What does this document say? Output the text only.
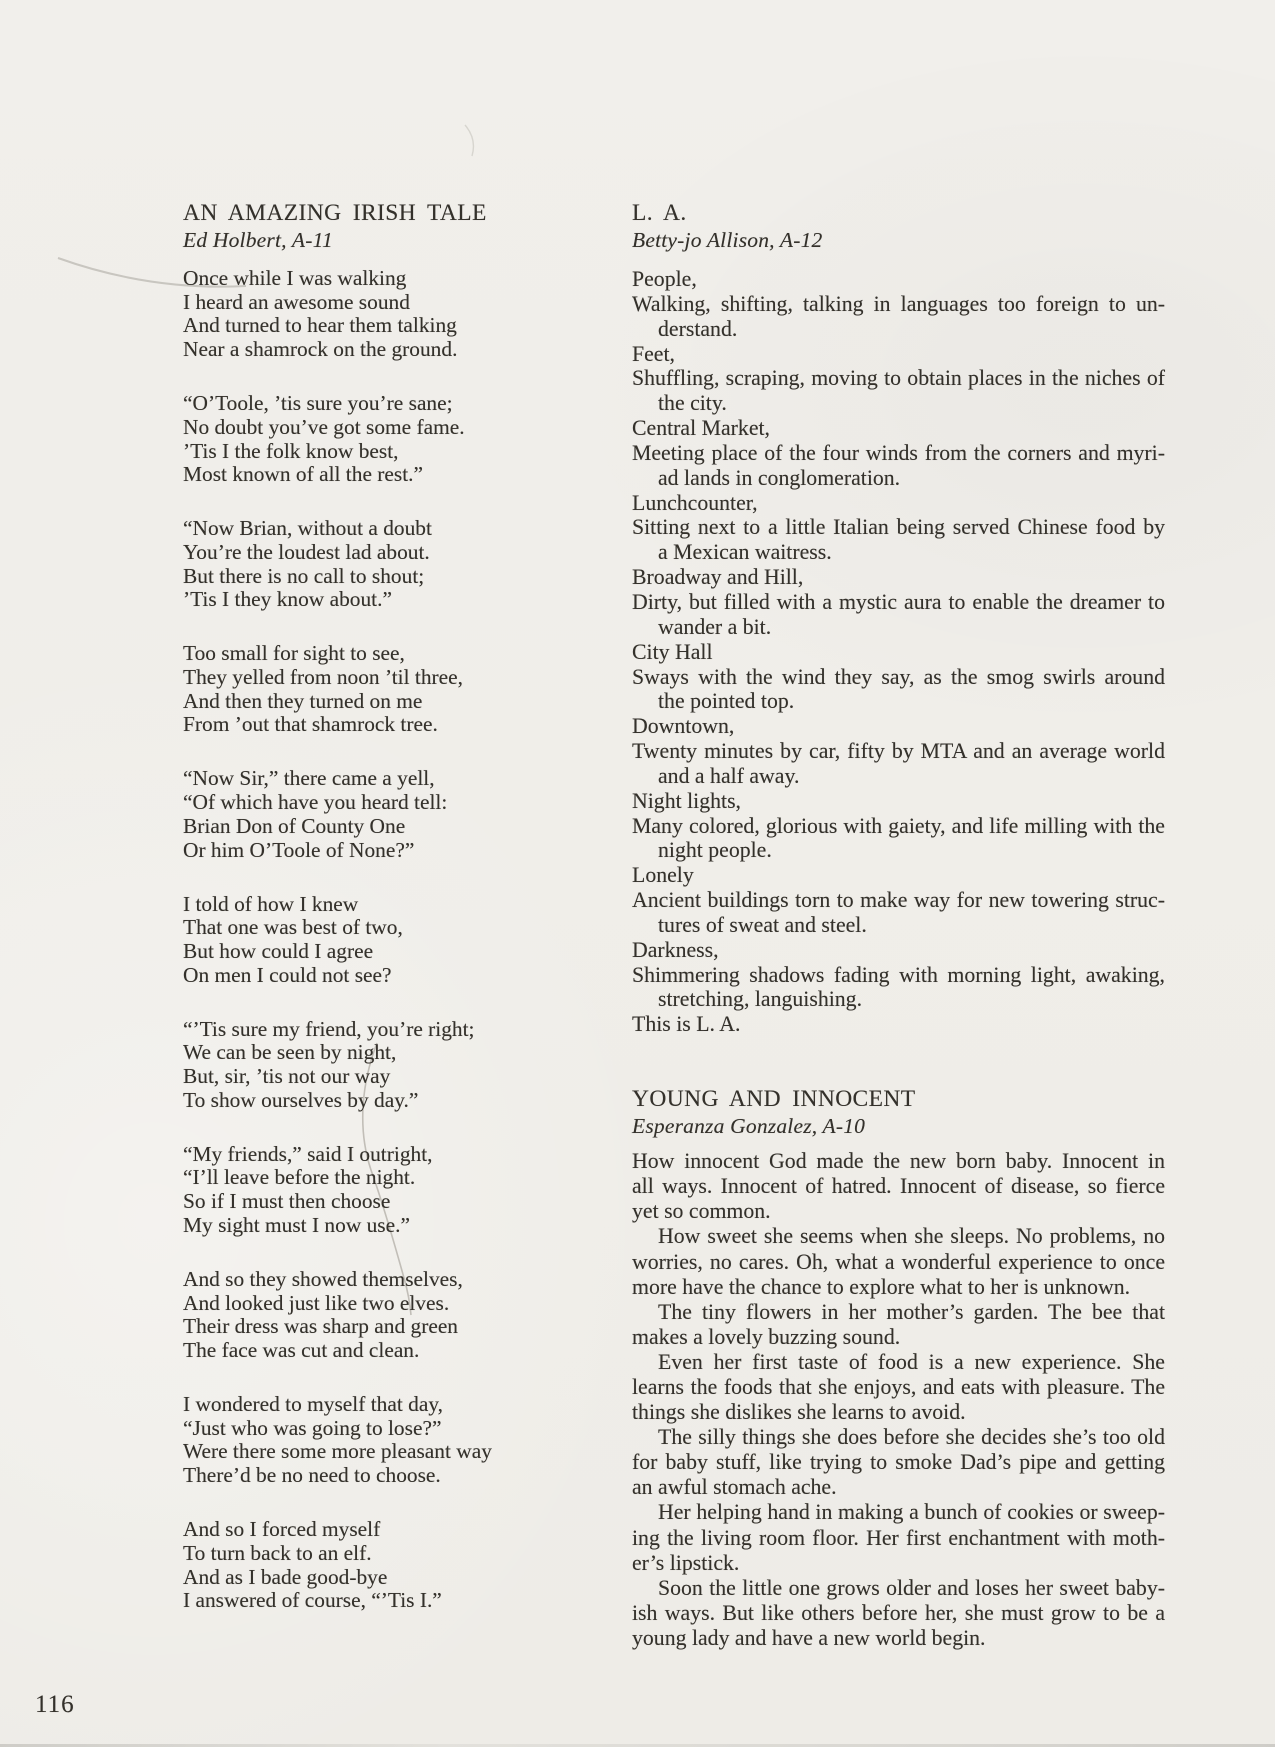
AN AMAZING IRISH TALE
Ed Holbert, A-11
Once while I was walking
I heard an awesome sound
And turned to hear them talking
Near a shamrock on the ground.
“O’Toole, ’tis sure you’re sane;
No doubt you’ve got some fame.
’Tis I the folk know best,
Most known of all the rest.”
“Now Brian, without a doubt
You’re the loudest lad about.
But there is no call to shout;
’Tis I they know about.”
Too small for sight to see,
They yelled from noon ’til three,
And then they turned on me
From ’out that shamrock tree.
“Now Sir,” there came a yell,
“Of which have you heard tell:
Brian Don of County One
Or him O’Toole of None?”
I told of how I knew
That one was best of two,
But how could I agree
On men I could not see?
“’Tis sure my friend, you’re right;
We can be seen by night,
But, sir, ’tis not our way
To show ourselves by day.”
“My friends,” said I outright,
“I’ll leave before the night.
So if I must then choose
My sight must I now use.”
And so they showed themselves,
And looked just like two elves.
Their dress was sharp and green
The face was cut and clean.
I wondered to myself that day,
“Just who was going to lose?”
Were there some more pleasant way
There’d be no need to choose.
And so I forced myself
To turn back to an elf.
And as I bade good-bye
I answered of course, “’Tis I.”
L. A.
Betty-jo Allison, A-12
People,
Walking, shifting, talking in languages too foreign to un-
derstand.
Feet,
Shuffling, scraping, moving to obtain places in the niches of
the city.
Central Market,
Meeting place of the four winds from the corners and myri-
ad lands in conglomeration.
Lunchcounter,
Sitting next to a little Italian being served Chinese food by
a Mexican waitress.
Broadway and Hill,
Dirty, but filled with a mystic aura to enable the dreamer to
wander a bit.
City Hall
Sways with the wind they say, as the smog swirls around
the pointed top.
Downtown,
Twenty minutes by car, fifty by MTA and an average world
and a half away.
Night lights,
Many colored, glorious with gaiety, and life milling with the
night people.
Lonely
Ancient buildings torn to make way for new towering struc-
tures of sweat and steel.
Darkness,
Shimmering shadows fading with morning light, awaking,
stretching, languishing.
This is L. A.
YOUNG AND INNOCENT
Esperanza Gonzalez, A-10
How innocent God made the new born baby. Innocent in
all ways. Innocent of hatred. Innocent of disease, so fierce
yet so common.
How sweet she seems when she sleeps. No problems, no
worries, no cares. Oh, what a wonderful experience to once
more have the chance to explore what to her is unknown.
The tiny flowers in her mother’s garden. The bee that
makes a lovely buzzing sound.
Even her first taste of food is a new experience. She
learns the foods that she enjoys, and eats with pleasure. The
things she dislikes she learns to avoid.
The silly things she does before she decides she’s too old
for baby stuff, like trying to smoke Dad’s pipe and getting
an awful stomach ache.
Her helping hand in making a bunch of cookies or sweep-
ing the living room floor. Her first enchantment with moth-
er’s lipstick.
Soon the little one grows older and loses her sweet baby-
ish ways. But like others before her, she must grow to be a
young lady and have a new world begin.
116
